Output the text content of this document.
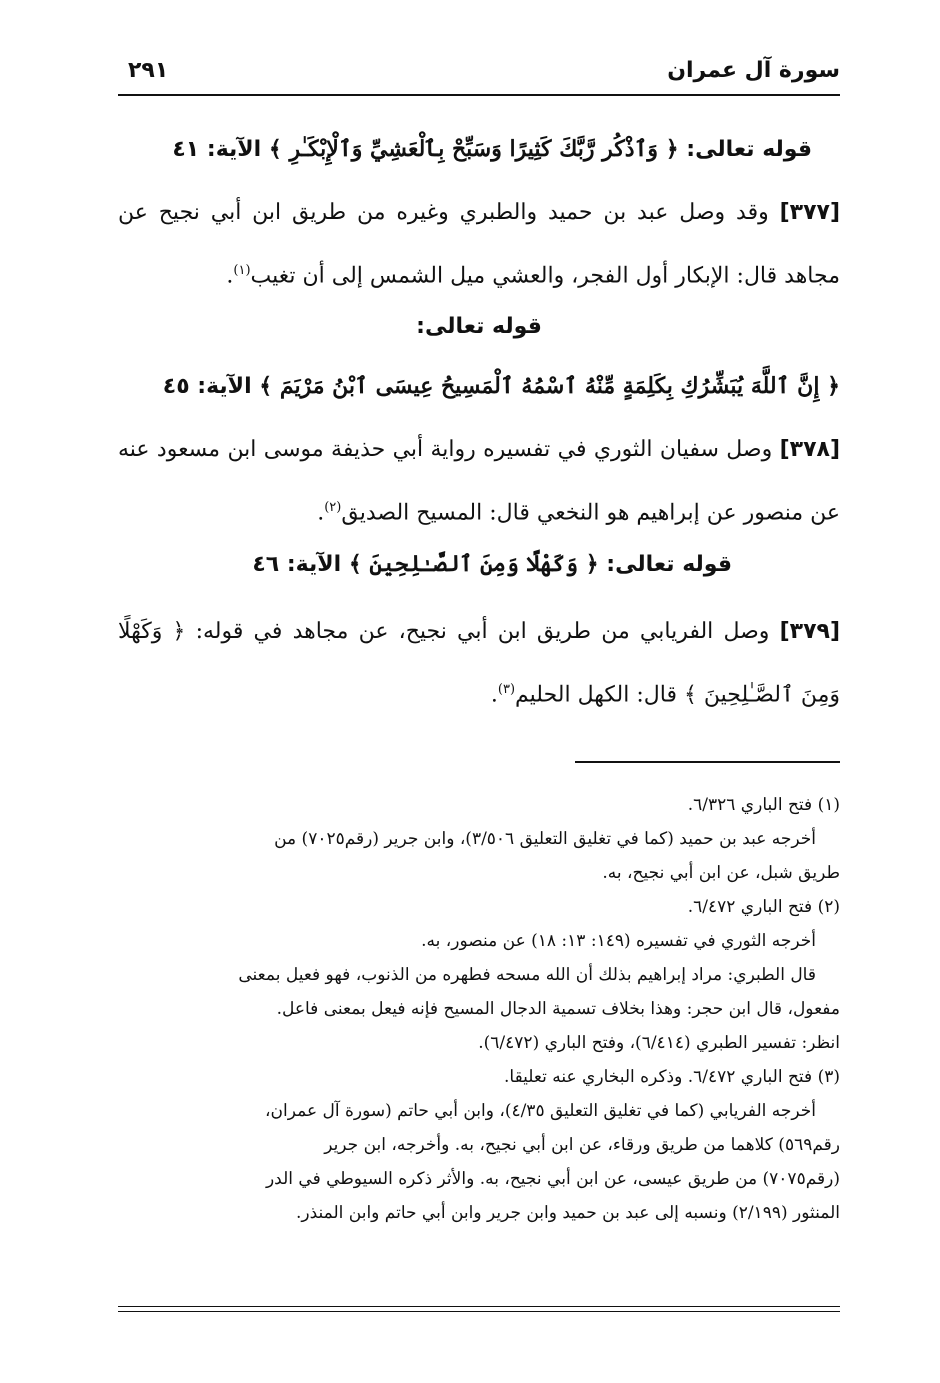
سورة آل عمران
٢٩١
قوله تعالى: ﴿ وَٱذْكُر رَّبَّكَ كَثِيرًا وَسَبِّحْ بِٱلْعَشِيِّ وَٱلْإِبْكَـٰرِ ﴾ الآية: ٤١
[٣٧٧] وقد وصل عبد بن حميد والطبري وغيره من طريق ابن أبي نجيح عن مجاهد قال: الإبكار أول الفجر، والعشي ميل الشمس إلى أن تغيب$^{(١)}$.
قوله تعالى:
﴿ إِنَّ ٱللَّهَ يُبَشِّرُكِ بِكَلِمَةٍ مِّنْهُ ٱسْمُهُ ٱلْمَسِيحُ عِيسَى ٱبْنُ مَرْيَمَ ﴾ الآية: ٤٥
[٣٧٨] وصل سفيان الثوري في تفسيره رواية أبي حذيفة موسى ابن مسعود عنه عن منصور عن إبراهيم هو النخعي قال: المسيح الصديق$^{(٢)}$.
قوله تعالى: ﴿ وَكَهْلًا وَمِنَ ٱلصَّـٰلِحِينَ ﴾ الآية: ٤٦
[٣٧٩] وصل الفريابي من طريق ابن أبي نجيح، عن مجاهد في قوله: ﴿ وَكَهْلًا وَمِنَ ٱلصَّـٰلِحِينَ ﴾ قال: الكهل الحليم$^{(٣)}$.
(١) فتح الباري ٦/٣٢٦.
أخرجه عبد بن حميد (كما في تغليق التعليق ٣/٥٠٦)، وابن جرير (رقم٧٠٢٥) من
طريق شبل، عن ابن أبي نجيح، به.
(٢) فتح الباري ٦/٤٧٢.
أخرجه الثوري في تفسيره (١٤٩: ١٣: ١٨) عن منصور، به.
قال الطبري: مراد إبراهيم بذلك أن الله مسحه فطهره من الذنوب، فهو فعيل بمعنى
مفعول، قال ابن حجر: وهذا بخلاف تسمية الدجال المسيح فإنه فيعل بمعنى فاعل.
انظر: تفسير الطبري (٦/٤١٤)، وفتح الباري (٦/٤٧٢).
(٣) فتح الباري ٦/٤٧٢. وذكره البخاري عنه تعليقا.
أخرجه الفريابي (كما في تغليق التعليق ٤/٣٥)، وابن أبي حاتم (سورة آل عمران،
رقم٥٦٩) كلاهما من طريق ورقاء، عن ابن أبي نجيح، به. وأخرجه، ابن جرير
(رقم٧٠٧٥) من طريق عيسى، عن ابن أبي نجيح، به. والأثر ذكره السيوطي في الدر
المنثور (٢/١٩٩) ونسبه إلى عبد بن حميد وابن جرير وابن أبي حاتم وابن المنذر.
